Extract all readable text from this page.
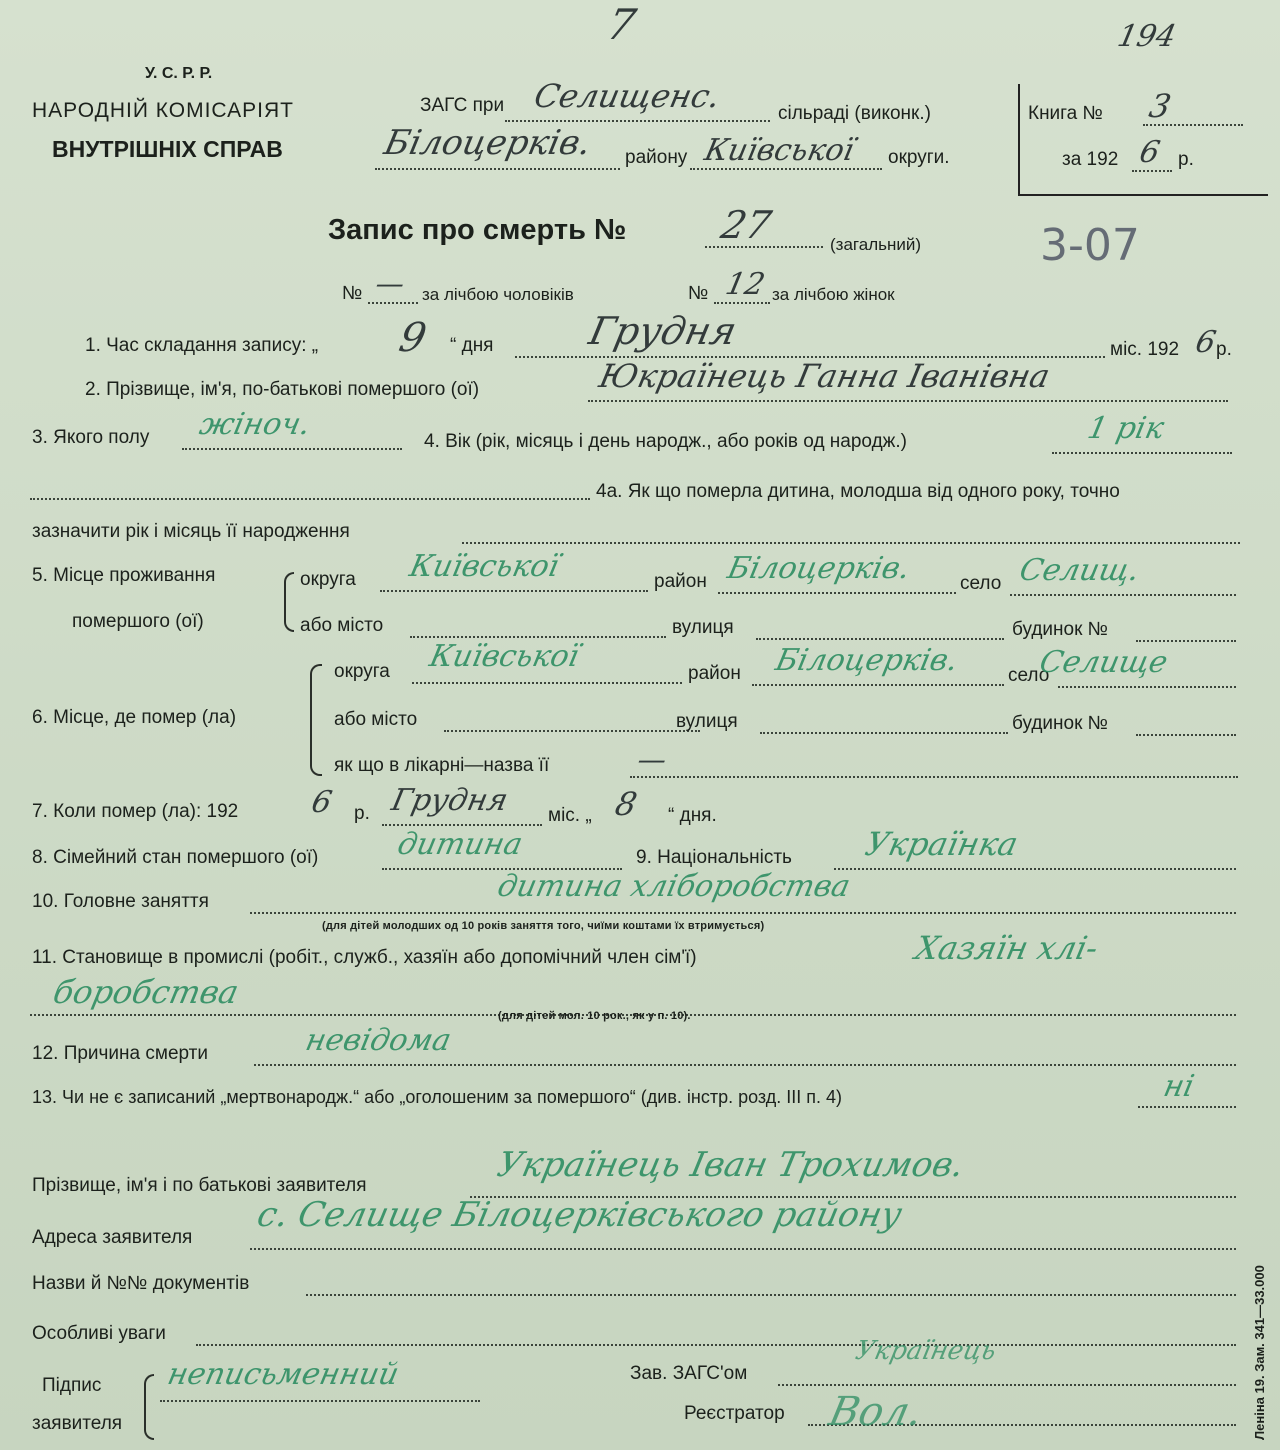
У. С. Р. Р.
НАРОДНІЙ КОМІСАРІЯТ
ВНУТРІШНІХ СПРАВ
ЗАГС при Селищенс.	сільраді (виконк.)
Білоцерків. району Київської округи.
7	194
Книга № 3
за 192 6 р.
Запис про смерть № 27	(загальний)	3-07
№ — за лічбою чоловіків	№ 12 за лічбою жінок
1. Час складання запису: „ 9 “ дня Грудня	міс. 192 6
р.
2. Прізвище, ім'я, по-батькові помершого (ої)	Юкраїнець Ганна Іванівна
3. Якого полу жіноч.	4. Вік (рік, місяць і день народж., або років од народж.)	1 рік
4а. Як що померла дитина, молодша від одного року, точно
зазначити рік і місяць її народження
5. Місце проживання
помершого (ої)
округа Київської	район Білоцерків. село Селищ.
або місто	вулиця	будинок №
6. Місце, де помер (ла)
округа Київської	район Білоцерків. село
Селище
або місто	вулиця	будинок №
як що в лікарні—назва її	—
7. Коли помер (ла): 192 6 р. Грудня міс. „ 8 “ дня.
8. Сімейний стан помершого (ої)	дитина	9. Національність Українка
10. Головне заняття	дитина хліборобства
(для дітей молодших од 10 років заняття того, чиїми коштами їх втримується)
11. Становище в промислі (робіт., служб., хазяїн або допомічний член сім'ї)	Хазяїн хлі-
боробства
(для дітей мол. 10 рок., як у п. 10).
12. Причина смерти	невідома
13. Чи не є записаний „мертвонародж.“ або „оголошеним за помершого“ (див. інстр. розд. III п. 4)	ні
Прізвище, ім'я і по батькові заявителя
Українець Іван Трохимов.
Адреса заявителя
с. Селище Білоцерківського району
Назви й №№ документів
Особливі уваги
Підпис
заявителя
неписьменний	Зав. ЗАГС'ом
Українець
Реєстратор Вол.	Леніна 19. Зам. 341—33.000
